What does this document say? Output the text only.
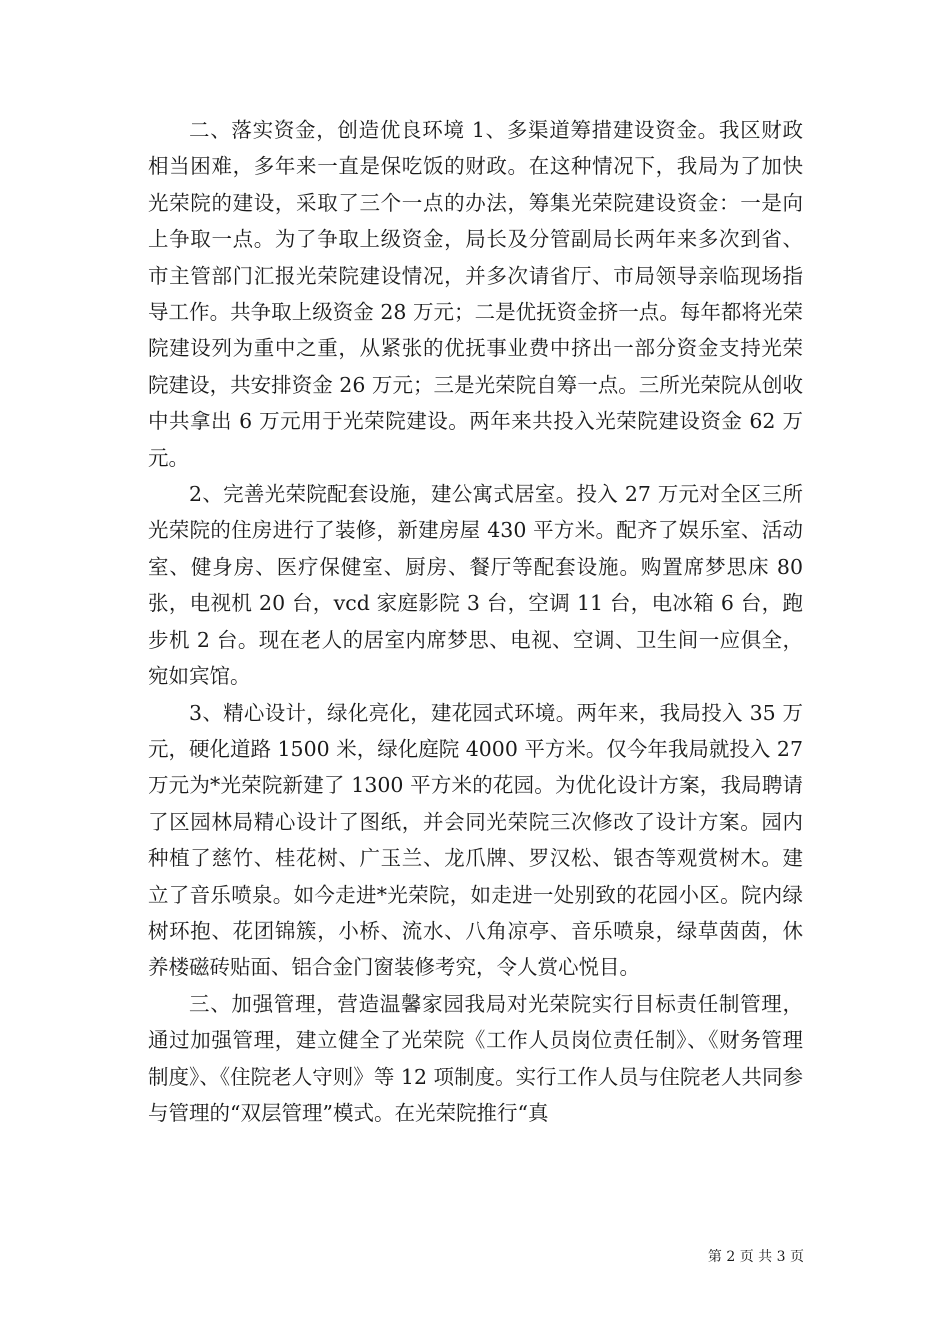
二、落实资金，创造优良环境 1、多渠道筹措建设资金。我区财政相当困难，多年来一直是保吃饭的财政。在这种情况下，我局为了加快光荣院的建设，采取了三个一点的办法，筹集光荣院建设资金：一是向上争取一点。为了争取上级资金，局长及分管副局长两年来多次到省、市主管部门汇报光荣院建设情况，并多次请省厅、市局领导亲临现场指导工作。共争取上级资金 28 万元；二是优抚资金挤一点。每年都将光荣院建设列为重中之重，从紧张的优抚事业费中挤出一部分资金支持光荣院建设，共安排资金 26 万元；三是光荣院自筹一点。三所光荣院从创收中共拿出 6 万元用于光荣院建设。两年来共投入光荣院建设资金 62 万元。

2、完善光荣院配套设施，建公寓式居室。投入 27 万元对全区三所光荣院的住房进行了装修，新建房屋 430 平方米。配齐了娱乐室、活动室、健身房、医疗保健室、厨房、餐厅等配套设施。购置席梦思床 80 张，电视机 20 台，vcd 家庭影院 3 台，空调 11 台，电冰箱 6 台，跑步机 2 台。现在老人的居室内席梦思、电视、空调、卫生间一应俱全，宛如宾馆。

3、精心设计，绿化亮化，建花园式环境。两年来，我局投入 35 万元，硬化道路 1500 米，绿化庭院 4000 平方米。仅今年我局就投入 27 万元为*光荣院新建了 1300 平方米的花园。为优化设计方案，我局聘请了区园林局精心设计了图纸，并会同光荣院三次修改了设计方案。园内种植了慈竹、桂花树、广玉兰、龙爪牌、罗汉松、银杏等观赏树木。建立了音乐喷泉。如今走进*光荣院，如走进一处别致的花园小区。院内绿树环抱、花团锦簇，小桥、流水、八角凉亭、音乐喷泉，绿草茵茵，休养楼磁砖贴面、铝合金门窗装修考究，令人赏心悦目。

三、加强管理，营造温馨家园我局对光荣院实行目标责任制管理，通过加强管理，建立健全了光荣院《工作人员岗位责任制》、《财务管理制度》、《住院老人守则》等 12 项制度。实行工作人员与住院老人共同参与管理的“双层管理”模式。在光荣院推行“真

第 2 页 共 3 页
